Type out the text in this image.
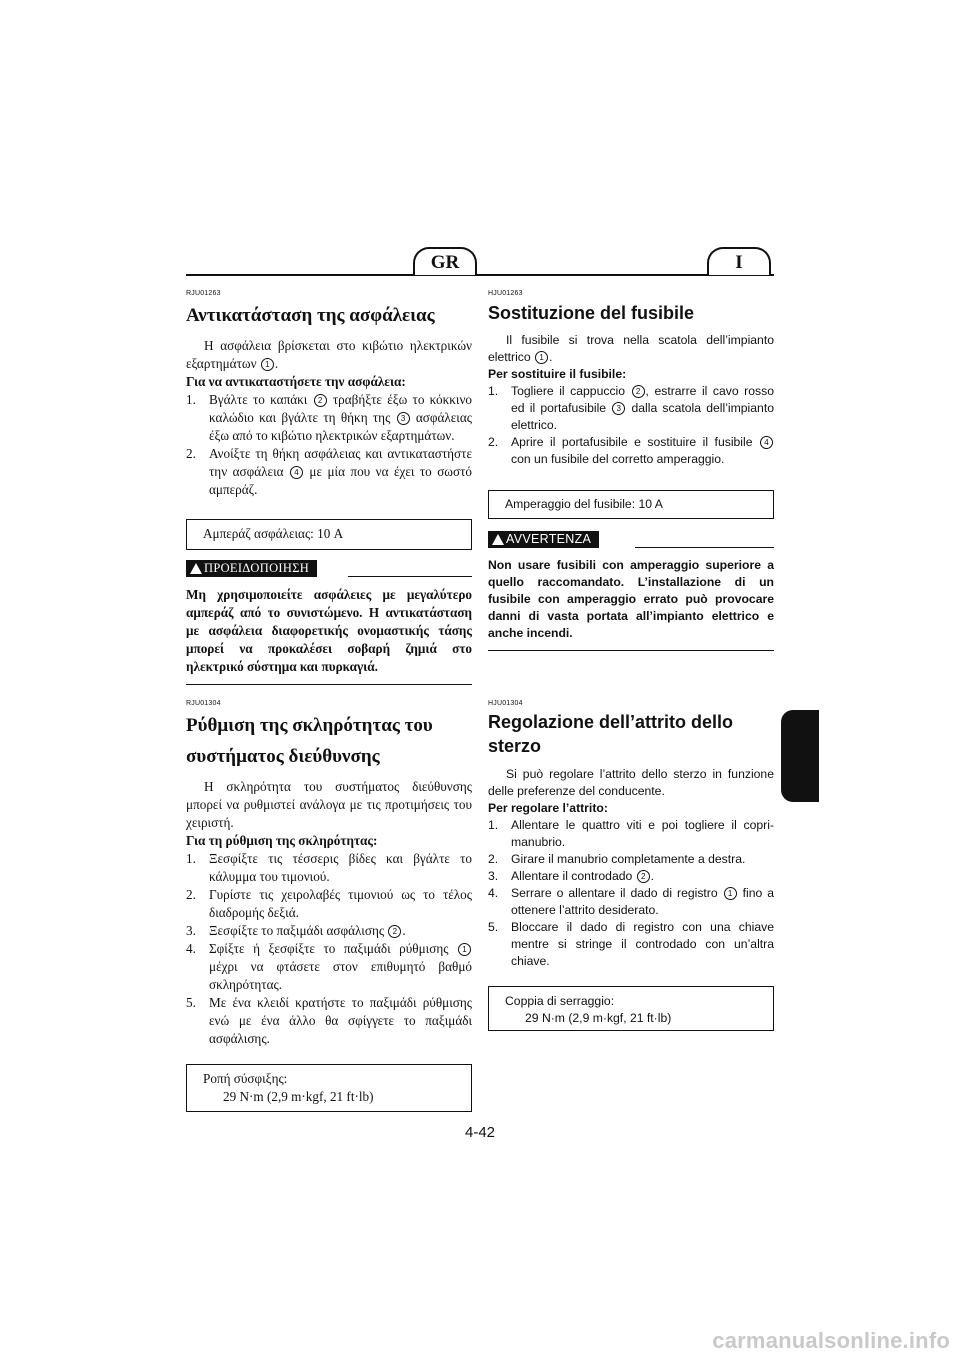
GR	I
RJU01263
Αντικατάσταση της ασφάλειας

Η ασφάλεια βρίσκεται στο κιβώτιο ηλεκτρικών εξαρτημάτων 1 .

Για να αντικαταστήσετε την ασφάλεια:

1. Βγάλτε το καπάκι 2 τραβήξτε έξω το κόκκινο καλώδιο και βγάλτε τη θήκη της 3 ασφάλειας έξω από το κιβώτιο ηλεκτρικών εξαρτημάτων.
2. Ανοίξτε τη θήκη ασφάλειας και αντικαταστήστε την ασφάλεια 4 με μία που να έχει το σωστό αμπεράζ.
Αμπεράζ ασφάλειας: 10 A
ΠΡΟΕΙΔΟΠΟΙΗΣΗ

Μη χρησιμοποιείτε ασφάλειες με μεγαλύτερο αμπεράζ από το συνιστώμενο. Η αντικατάσταση με ασφάλεια διαφορετικής ονομαστικής τάσης μπορεί να προκαλέσει σοβαρή ζημιά στο ηλεκτρικό σύστημα και πυρκαγιά.

HJU01263
Sostituzione del fusibile

Il fusibile si trova nella scatola dell’impianto elettrico 1 .

Per sostituire il fusibile:

1. Togliere il cappuccio 2 , estrarre il cavo rosso ed il portafusibile 3 dalla scatola dell’impianto elettrico.
2. Aprire il portafusibile e sostituire il fusibile 4 con un fusibile del corretto amperaggio.
Amperaggio del fusibile: 10 A
AVVERTENZA

Non usare fusibili con amperaggio superiore a quello raccomandato. L’installazione di un fusibile con amperaggio errato può provocare danni di vasta portata all’impianto elettrico e anche incendi.

RJU01304
Ρύθμιση της σκληρότητας του
συστήματος διεύθυνσης

Η σκληρότητα του συστήματος διεύθυνσης μπορεί να ρυθμιστεί ανάλογα με τις προτιμήσεις του χειριστή.

Για τη ρύθμιση της σκληρότητας:

1. Ξεσφίξτε τις τέσσερις βίδες και βγάλτε το κάλυμμα του τιμονιού.
2. Γυρίστε τις χειρολαβές τιμονιού ως το τέλος διαδρομής δεξιά.
3. Ξεσφίξτε το παξιμάδι ασφάλισης 2 .
4. Σφίξτε ή ξεσφίξτε το παξιμάδι ρύθμισης 1 μέχρι να φτάσετε στον επιθυμητό βαθμό σκληρότητας.
5. Με ένα κλειδί κρατήστε το παξιμάδι ρύθμισης ενώ με ένα άλλο θα σφίγγετε το παξιμάδι ασφάλισης.
Ροπή σύσφιξης:
29 N·m (2,9 m·kgf, 21 ft·lb)
HJU01304
Regolazione dell’attrito dello
sterzo

Si può regolare l’attrito dello sterzo in funzione delle preferenze del conducente.

Per regolare l’attrito:

1. Allentare le quattro viti e poi togliere il copri-manubrio.
2. Girare il manubrio completamente a destra.
3. Allentare il controdado 2 .
4. Serrare o allentare il dado di registro 1 fino a ottenere l’attrito desiderato.
5. Bloccare il dado di registro con una chiave mentre si stringe il controdado con un’altra chiave.
Coppia di serraggio:
29 N·m (2,9 m·kgf, 21 ft·lb)
4-42
carmanualsonline.info
